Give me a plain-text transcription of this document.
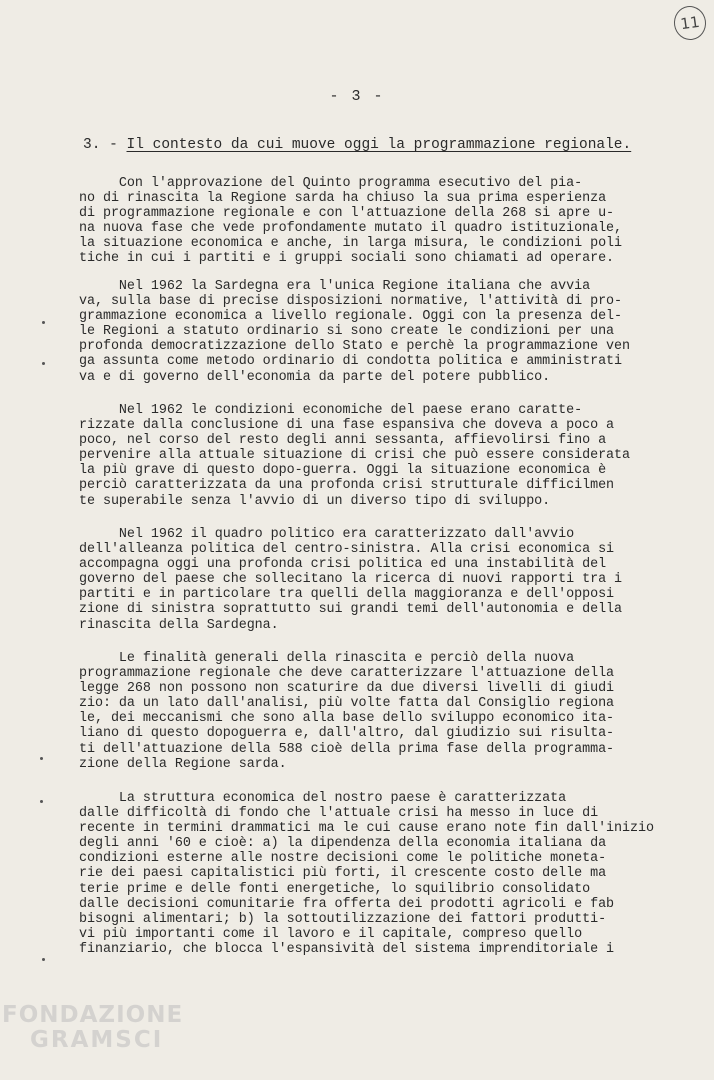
11
- 3 -
3. - Il contesto da cui muove oggi la programmazione regionale.
Con l'approvazione del Quinto programma esecutivo del pia-
no di rinascita la Regione sarda ha chiuso la sua prima esperienza
di programmazione regionale e con l'attuazione della 268 si apre u-
na nuova fase che vede profondamente mutato il quadro istituzionale,
la situazione economica e anche, in larga misura, le condizioni poli
tiche in cui i partiti e i gruppi sociali sono chiamati ad operare.
Nel 1962 la Sardegna era l'unica Regione italiana che avvia
va, sulla base di precise disposizioni normative, l'attività di pro-
grammazione economica a livello regionale. Oggi con la presenza del-
le Regioni a statuto ordinario si sono create le condizioni per una
profonda democratizzazione dello Stato e perchè la programmazione ven
ga assunta come metodo ordinario di condotta politica e amministrati
va e di governo dell'economia da parte del potere pubblico.
Nel 1962 le condizioni economiche del paese erano caratte-
rizzate dalla conclusione di una fase espansiva che doveva a poco a
poco, nel corso del resto degli anni sessanta, affievolirsi fino a
pervenire alla attuale situazione di crisi che può essere considerata
la più grave di questo dopo-guerra. Oggi la situazione economica è
perciò caratterizzata da una profonda crisi strutturale difficilmen
te superabile senza l'avvio di un diverso tipo di sviluppo.
Nel 1962 il quadro politico era caratterizzato dall'avvio
dell'alleanza politica del centro-sinistra. Alla crisi economica si
accompagna oggi una profonda crisi politica ed una instabilità del
governo del paese che sollecitano la ricerca di nuovi rapporti tra i
partiti e in particolare tra quelli della maggioranza e dell'opposi
zione di sinistra soprattutto sui grandi temi dell'autonomia e della
rinascita della Sardegna.
Le finalità generali della rinascita e perciò della nuova
programmazione regionale che deve caratterizzare l'attuazione della
legge 268 non possono non scaturire da due diversi livelli di giudi
zio: da un lato dall'analisi, più volte fatta dal Consiglio regiona
le, dei meccanismi che sono alla base dello sviluppo economico ita-
liano di questo dopoguerra e, dall'altro, dal giudizio sui risulta-
ti dell'attuazione della 588 cioè della prima fase della programma-
zione della Regione sarda.
La struttura economica del nostro paese è caratterizzata
dalle difficoltà di fondo che l'attuale crisi ha messo in luce di
recente in termini drammatici ma le cui cause erano note fin dall'inizio
degli anni '60 e cioè: a) la dipendenza della economia italiana da
condizioni esterne alle nostre decisioni come le politiche moneta-
rie dei paesi capitalistici più forti, il crescente costo delle ma
terie prime e delle fonti energetiche, lo squilibrio consolidato
dalle decisioni comunitarie fra offerta dei prodotti agricoli e fab
bisogni alimentari; b) la sottoutilizzazione dei fattori produtti-
vi più importanti come il lavoro e il capitale, compreso quello
finanziario, che blocca l'espansività del sistema imprenditoriale i
FONDAZIONE
GRAMSCI
